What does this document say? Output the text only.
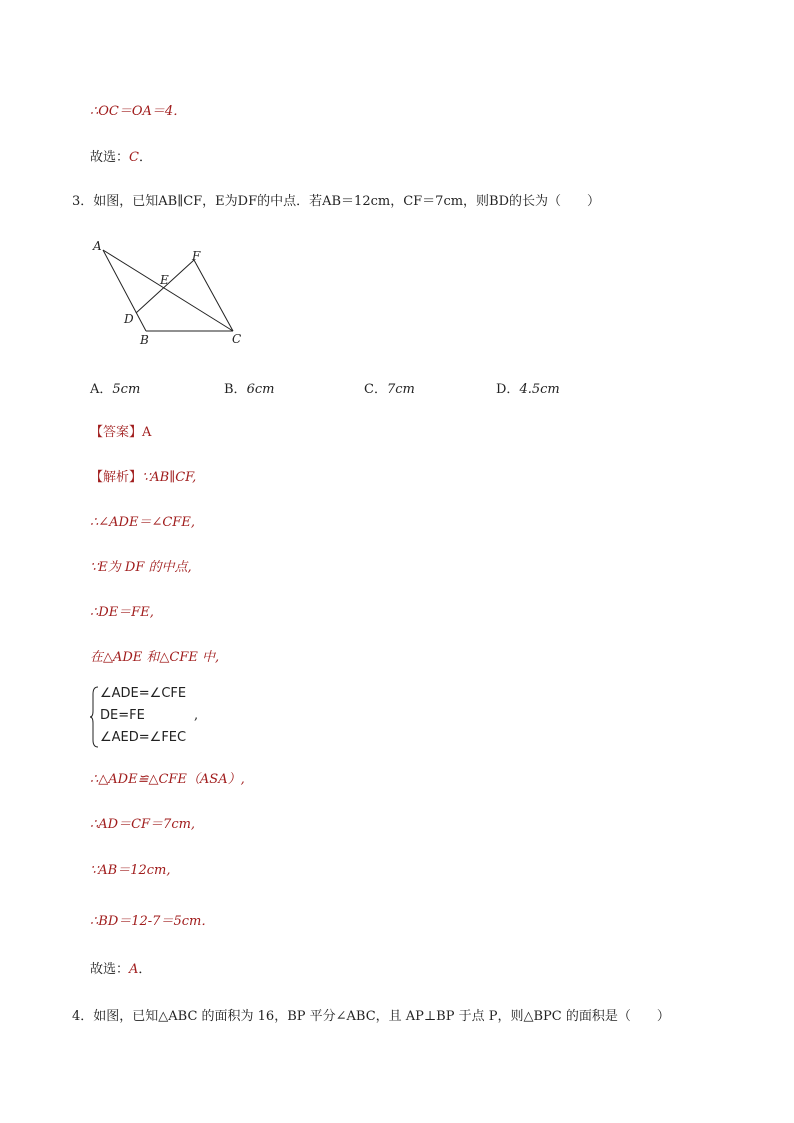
∴OC＝OA＝4．
故选：C．
3．如图，已知AB∥CF，E为DF的中点．若AB＝12cm，CF＝7cm，则BD的长为（　　）
A
F
E
D
B	C
A．5cm	B．6cm	C．7cm	D．4.5cm
【答案】A
【解析】∵AB∥CF,
∴∠ADE＝∠CFE,
∵E为 DF 的中点,
∴DE＝FE,
在△ADE 和△CFE 中,
∠ADE=∠CFE
DE=FE
∠AED=∠FEC
,
∴△ADE≌△CFE（ASA）,
∴AD＝CF＝7cm,
∵AB＝12cm,
∴BD＝12-7＝5cm．
故选：A．
4．如图，已知△ABC 的面积为 16，BP 平分∠ABC，且 AP⊥BP 于点 P，则△BPC 的面积是（　　）
